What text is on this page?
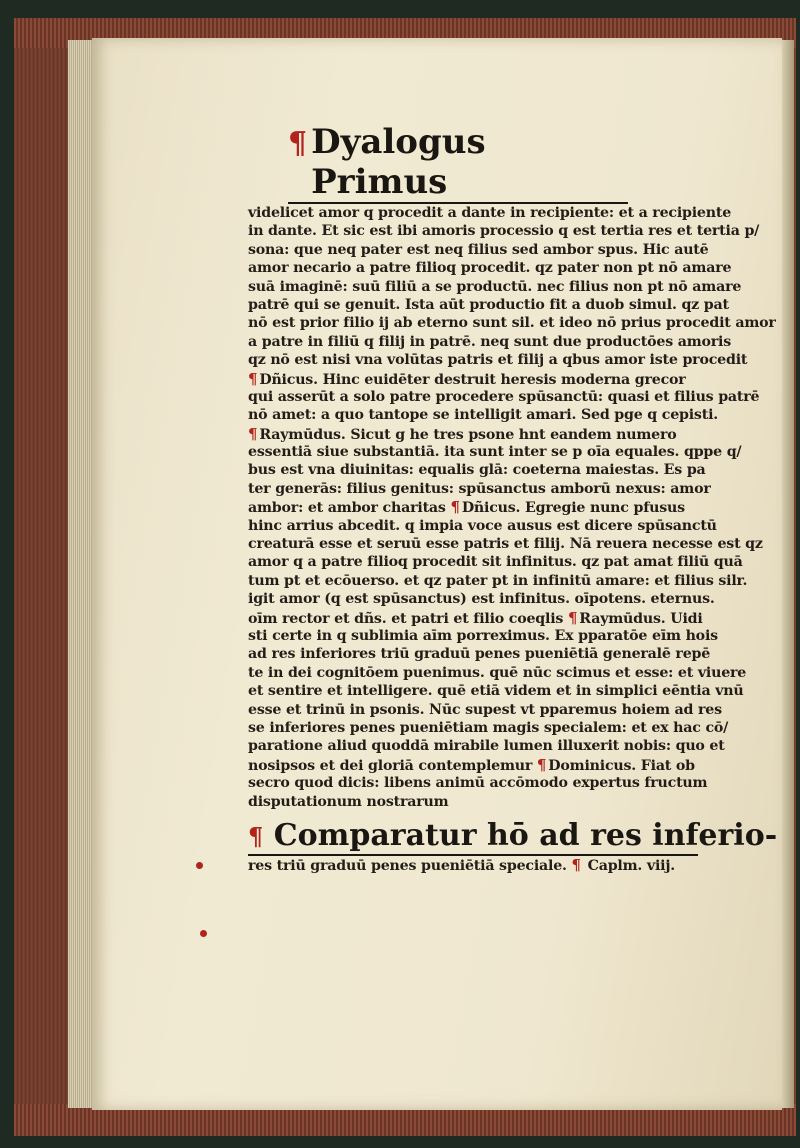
¶ Dyalogus Primus
videlicet amor q procedit a dante in recipiente: et a recipiente
in dante. Et sic est ibi amoris processio q est tertia res et tertia p/
sona: que neq pater est neq filius sed ambor spus. Hic autē
amor necario a patre filioq procedit. qz pater non pt nō amare
suā imaginē: suū filiū a se productū. nec filius non pt nō amare
patrē qui se genuit. Ista aūt productio fit a duob simul. qz pat
nō est prior filio ij ab eterno sunt sil. et ideo nō prius procedit amor
a patre in filiū q filij in patrē. neq sunt due productōes amoris
qz nō est nisi vna volūtas patris et filij a qbus amor iste procedit
¶ Dñicus. Hinc euidēter destruit heresis moderna grecor
qui asserūt a solo patre procedere spūsanctū: quasi et filius patrē
nō amet: a quo tantope se intelligit amari. Sed pge q cepisti.
¶ Raymūdus. Sicut g he tres psone hnt eandem numero
essentiā siue substantiā. ita sunt inter se p oīa equales. qppe q/
bus est vna diuinitas: equalis glā: coeterna maiestas. Es pa
ter generās: filius genitus: spūsanctus amborū nexus: amor
ambor: et ambor charitas ¶ Dñicus. Egregie nunc pfusus
hinc arrius abcedit. q impia voce ausus est dicere spūsanctū
creaturā esse et seruū esse patris et filij. Nā reuera necesse est qz
amor q a patre filioq procedit sit infinitus. qz pat amat filiū quā
tum pt et ecōuerso. et qz pater pt in infinitū amare: et filius silr.
igit amor (q est spūsanctus) est infinitus. oīpotens. eternus.
oīm rector et dñs. et patri et filio coeqlis ¶ Raymūdus. Uidi
sti certe in q sublimia aīm porreximus. Ex pparatōe eīm hois
ad res inferiores triū graduū penes pueniētiā generalē repē
te in dei cognitōem puenimus. quē nūc scimus et esse: et viuere
et sentire et intelligere. quē etiā videm et in simplici eēntia vnū
esse et trinū in psonis. Nūc supest vt pparemus hoiem ad res
se inferiores penes pueniētiam magis specialem: et ex hac cō/
paratione aliud quoddā mirabile lumen illuxerit nobis: quo et
nosipsos et dei gloriā contemplemur ¶ Dominicus. Fiat ob
secro quod dicis: libens animū accōmodo expertus fructum
disputationum nostrarum
¶ Comparatur hō ad res inferio-
res triū graduū penes pueniētiā speciale. ¶ Caplm. viij.
